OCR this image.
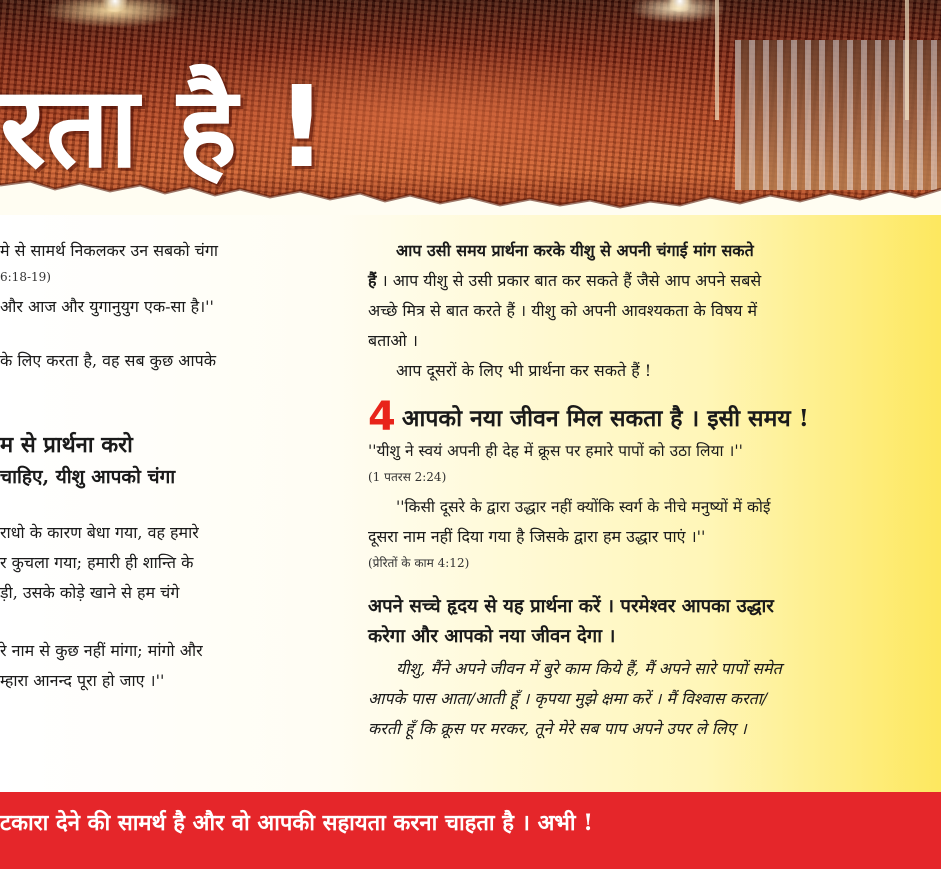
रता है !

मे से सामर्थ निकलकर उन सबको चंगा

6:18-19)

और आज और युगानुयुग एक-सा है।''

के लिए करता है, वह सब कुछ आपके

म से प्रार्थना करो

चाहिए, यीशु आपको चंगा

राधो के कारण बेधा गया, वह हमारे

र कुचला गया; हमारी ही शान्ति के

ड़ी, उसके कोड़े खाने से हम चंगे

रे नाम से कुछ नहीं मांगा; मांगो और

म्हारा आनन्द पूरा हो जाए ।''

आप उसी समय प्रार्थना करके यीशु से अपनी चंगाई मांग सकते

हैं । आप यीशु से उसी प्रकार बात कर सकते हैं जैसे आप अपने सबसे

अच्छे मित्र से बात करते हैं । यीशु को अपनी आवश्यकता के विषय में

बताओ ।

आप दूसरों के लिए भी प्रार्थना कर सकते हैं !

4 आपको नया जीवन मिल सकता है । इसी समय !

''यीशु ने स्वयं अपनी ही देह में क्रूस पर हमारे पापों को उठा लिया ।''

(1 पतरस 2:24)

''किसी दूसरे के द्वारा उद्धार नहीं क्योंकि स्वर्ग के नीचे मनुष्यों में कोई

दूसरा नाम नहीं दिया गया है जिसके द्वारा हम उद्धार पाएं ।''

(प्रेरितों के काम 4:12)

अपने सच्चे हृदय से यह प्रार्थना करें । परमेश्वर आपका उद्धार

करेगा और आपको नया जीवन देगा ।

यीशु, मैंने अपने जीवन में बुरे काम किये हैं, मैं अपने सारे पापों समेत

आपके पास आता/आती हूँ । कृपया मुझे क्षमा करें । मैं विश्वास करता/

करती हूँ कि क्रूस पर मरकर, तूने मेरे सब पाप अपने उपर ले लिए ।

टकारा देने की सामर्थ है और वो आपकी सहायता करना चाहता है । अभी !
